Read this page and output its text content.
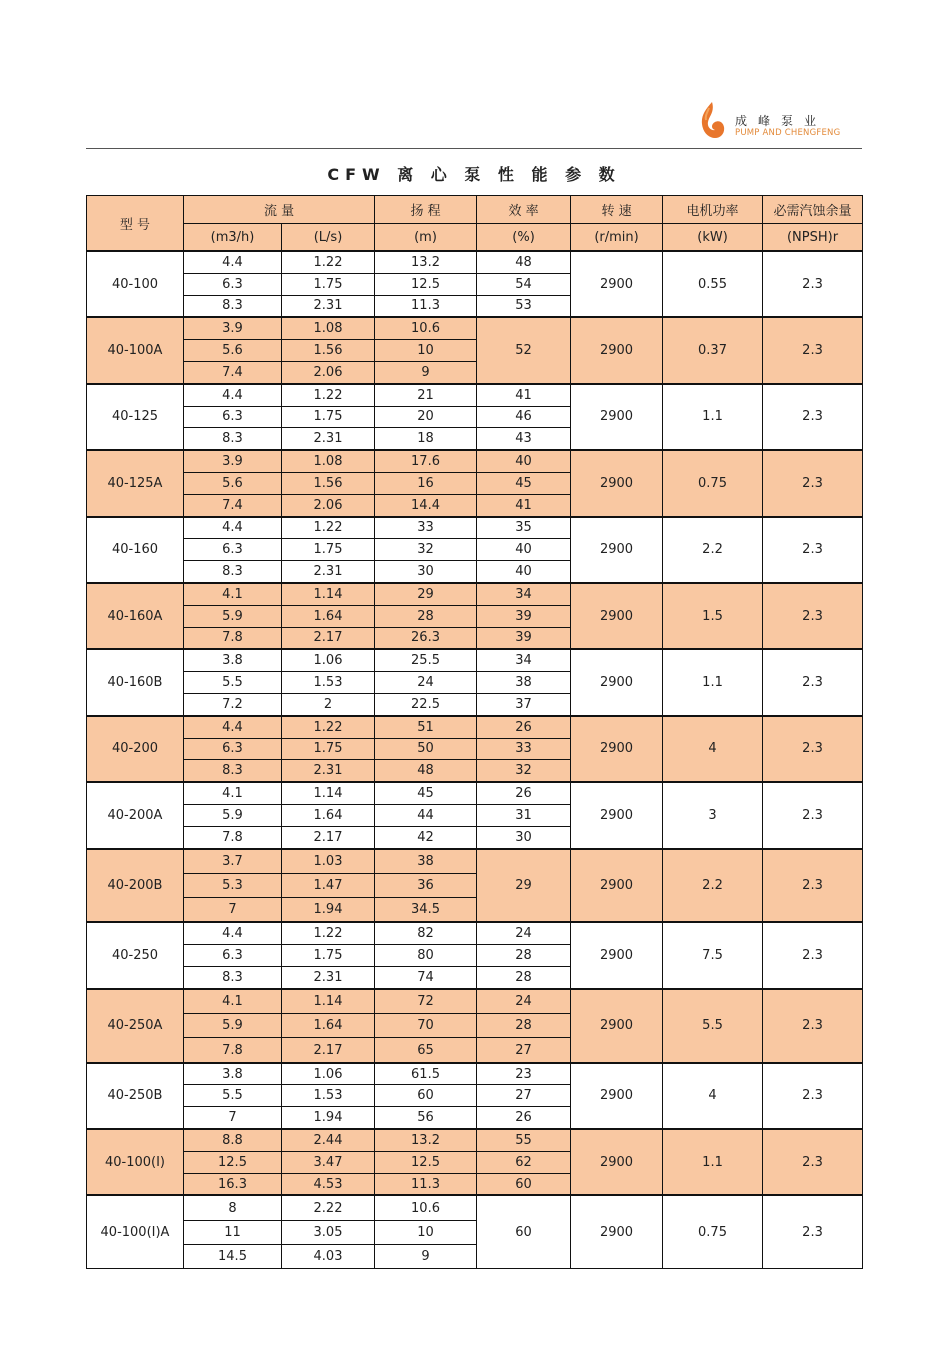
成峰泵业
PUMP AND CHENGFENG
CFW 离 心 泵 性 能 参 数
型 号	流 量		扬 程	效 率	转 速	电机功率	必需汽蚀余量
	(m3/h)	(L/s)	(m)	(%)	(r/min)	(kW)	(NPSH)r
40-100	4.4	1.22	13.2	48	2900	0.55	2.3
	6.3	1.75	12.5	54			
	8.3	2.31	11.3	53			
40-100A	3.9	1.08	10.6	52	2900	0.37	2.3
	5.6	1.56	10				
	7.4	2.06	9				
40-125	4.4	1.22	21	41	2900	1.1	2.3
	6.3	1.75	20	46			
	8.3	2.31	18	43			
40-125A	3.9	1.08	17.6	40	2900	0.75	2.3
	5.6	1.56	16	45			
	7.4	2.06	14.4	41			
40-160	4.4	1.22	33	35	2900	2.2	2.3
	6.3	1.75	32	40			
	8.3	2.31	30	40			
40-160A	4.1	1.14	29	34	2900	1.5	2.3
	5.9	1.64	28	39			
	7.8	2.17	26.3	39			
40-160B	3.8	1.06	25.5	34	2900	1.1	2.3
	5.5	1.53	24	38			
	7.2	2	22.5	37			
40-200	4.4	1.22	51	26	2900	4	2.3
	6.3	1.75	50	33			
	8.3	2.31	48	32			
40-200A	4.1	1.14	45	26	2900	3	2.3
	5.9	1.64	44	31			
	7.8	2.17	42	30			
40-200B	3.7	1.03	38	29	2900	2.2	2.3
	5.3	1.47	36				
	7	1.94	34.5				
40-250	4.4	1.22	82	24	2900	7.5	2.3
	6.3	1.75	80	28			
	8.3	2.31	74	28			
40-250A	4.1	1.14	72	24	2900	5.5	2.3
	5.9	1.64	70	28			
	7.8	2.17	65	27			
40-250B	3.8	1.06	61.5	23	2900	4	2.3
	5.5	1.53	60	27			
	7	1.94	56	26			
40-100(I)	8.8	2.44	13.2	55	2900	1.1	2.3
	12.5	3.47	12.5	62			
	16.3	4.53	11.3	60			
40-100(I)A	8	2.22	10.6	60	2900	0.75	2.3
	11	3.05	10				
	14.5	4.03	9				
